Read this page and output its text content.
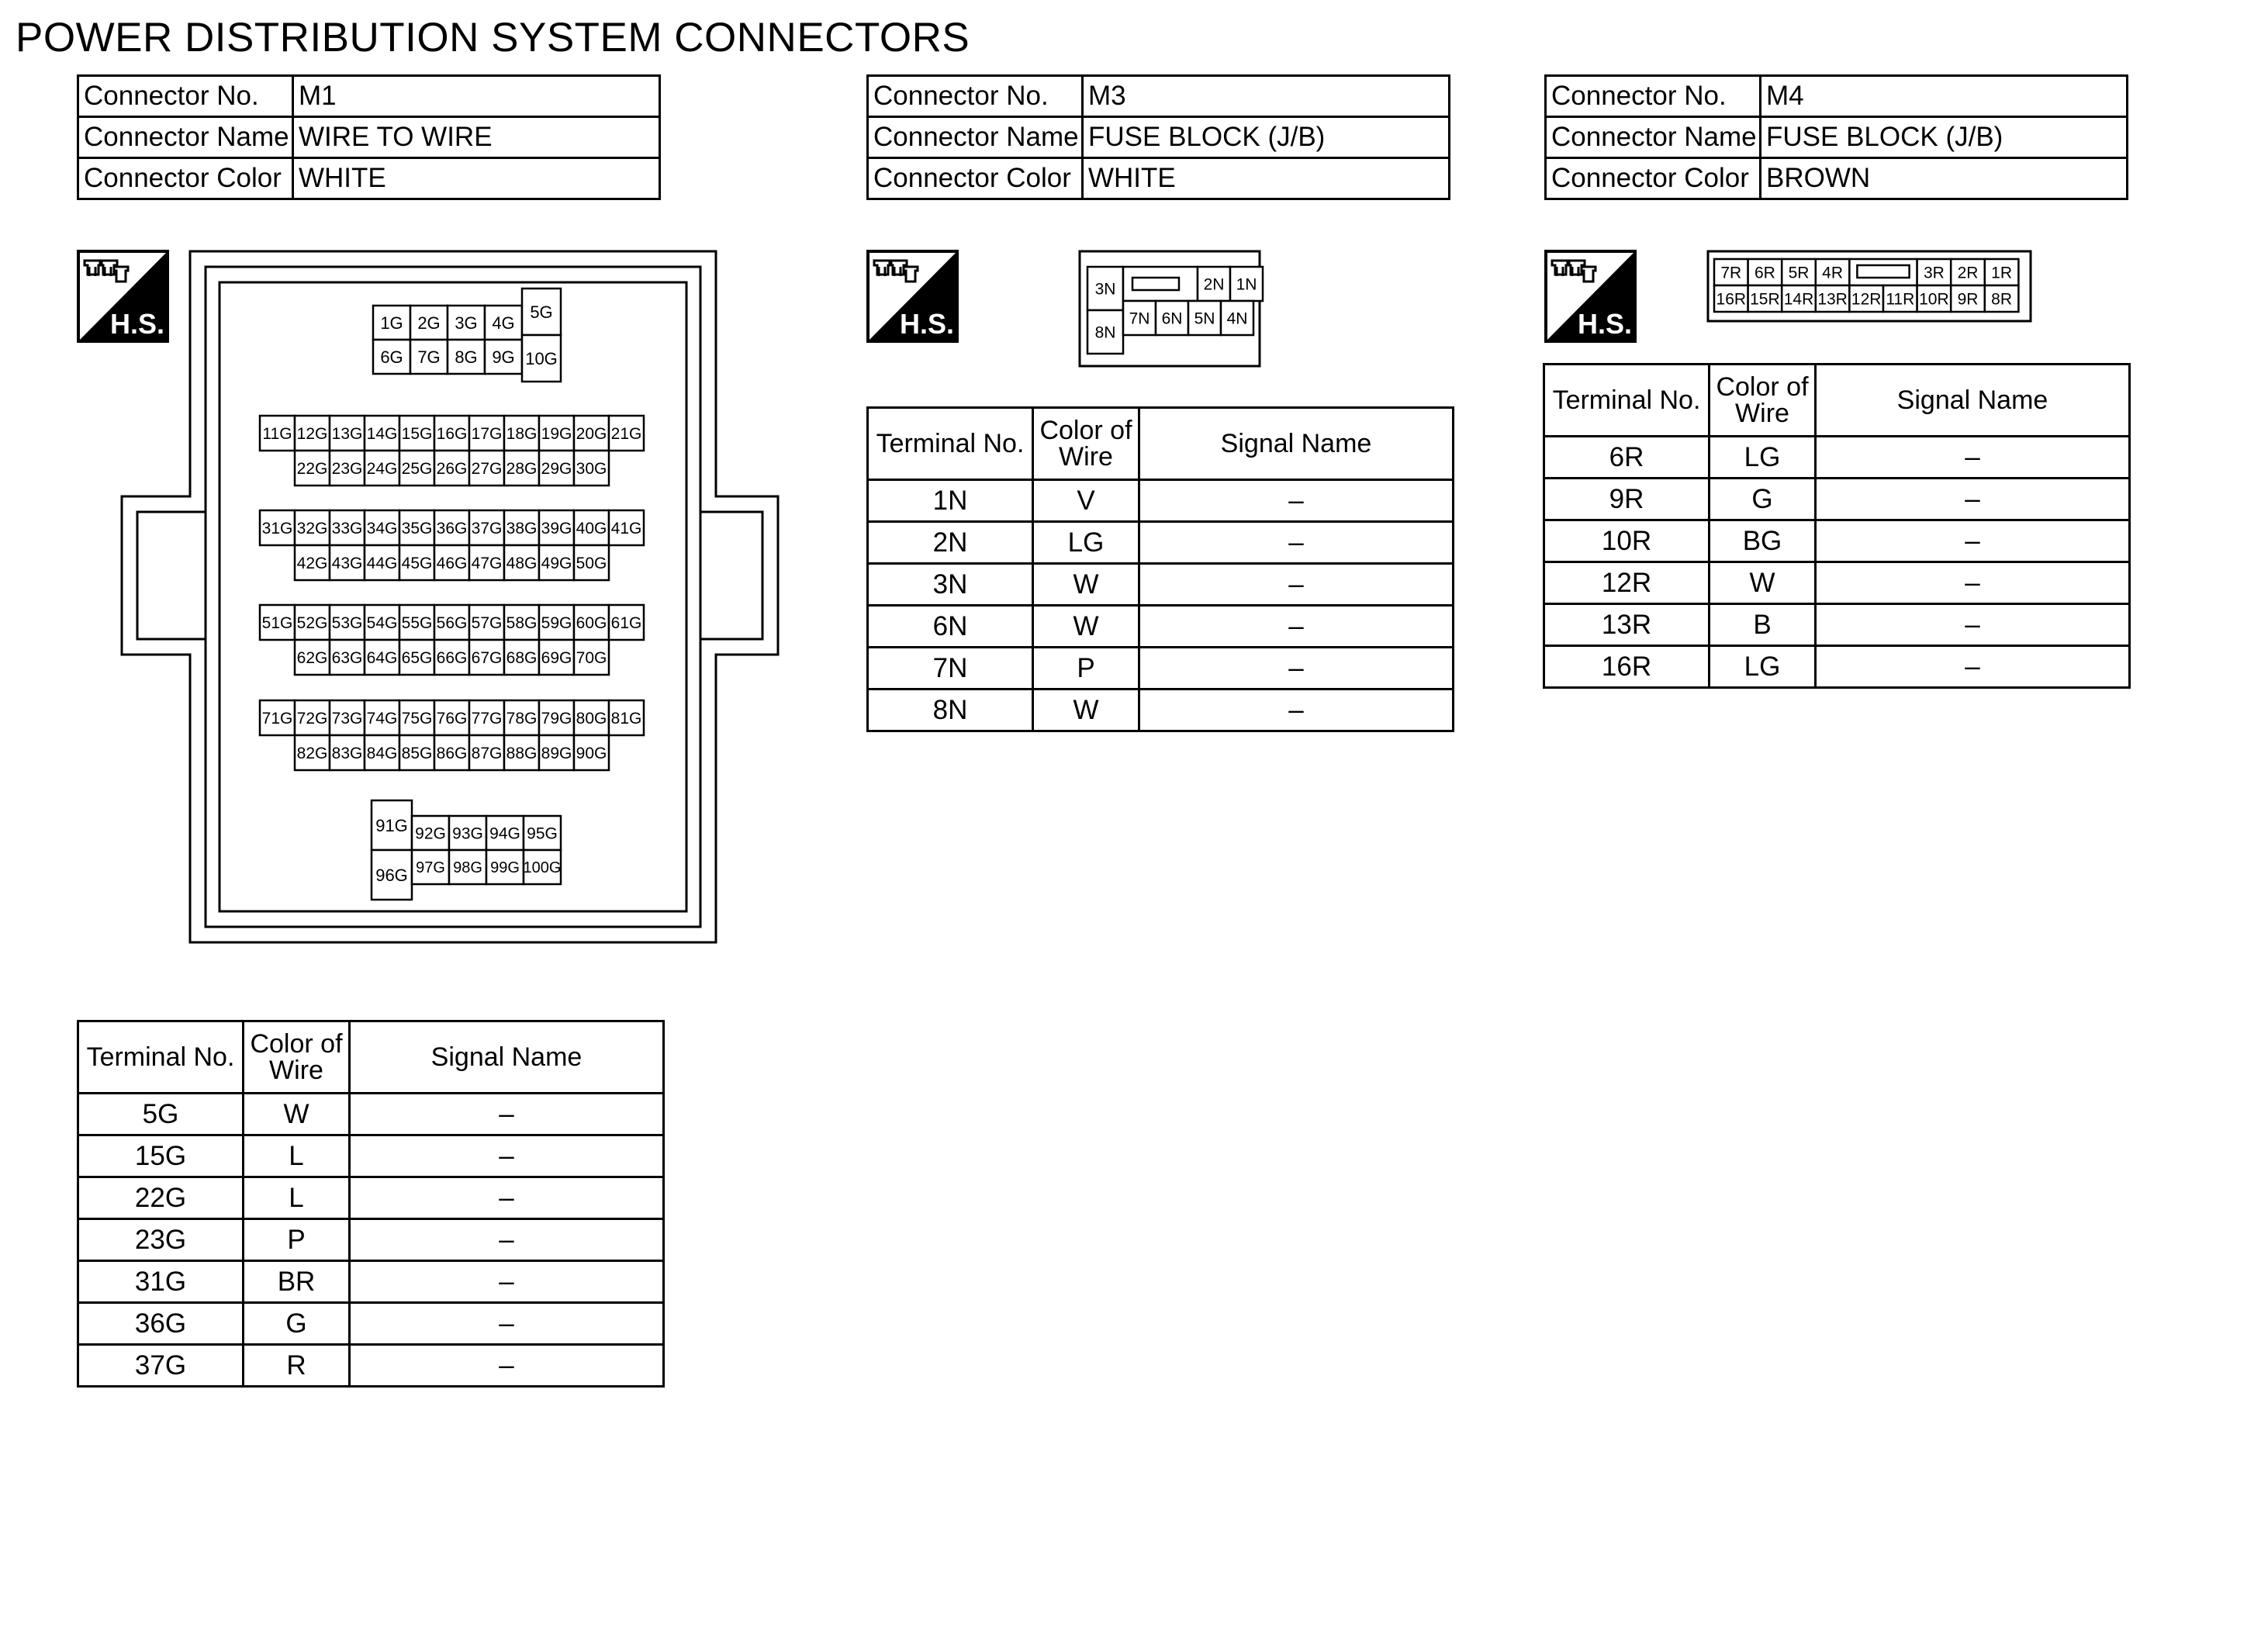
POWER DISTRIBUTION SYSTEM CONNECTORS
Connector No.	M1
Connector Name	WIRE TO WIRE
Connector Color	WHITE
Connector No.	M3
Connector Name	FUSE BLOCK (J/B)
Connector Color	WHITE
Connector No.	M4
Connector Name	FUSE BLOCK (J/B)
Connector Color	BROWN
H.S.	H.S.	H.S.
1G 2G 3G 4G
6G 7G 8G 9G
5G
10G
11G 12G 13G 14G 15G 16G 17G 18G 19G 20G 21G
22G 23G 24G 25G 26G 27G 28G 29G 30G
31G 32G 33G 34G 35G 36G 37G 38G 39G 40G 41G
42G 43G 44G 45G 46G 47G 48G 49G 50G
51G 52G 53G 54G 55G 56G 57G 58G 59G 60G 61G
62G 63G 64G 65G 66G 67G 68G 69G 70G
71G 72G 73G 74G 75G 76G 77G 78G 79G 80G 81G
82G 83G 84G 85G 86G 87G 88G 89G 90G
91G
96G
92G 93G 94G 95G
97G 98G 99G 100G
3N
8N
2N 1N
7N 6N 5N 4N
7R 6R 5R 4R	3R 2R 1R
16R 15R 14R 13R 12R 11R 10R 9R 8R
Terminal No.	Color of Wire	Signal Name
5G	W	–
15G	L	–
22G	L	–
23G	P	–
31G	BR	–
36G	G	–
37G	R	–
Terminal No.	Color of Wire	Signal Name
1N	V	–
2N	LG	–
3N	W	–
6N	W	–
7N	P	–
8N	W	–
Terminal No.	Color of Wire	Signal Name
6R	LG	–
9R	G	–
10R	BG	–
12R	W	–
13R	B	–
16R	LG	–
